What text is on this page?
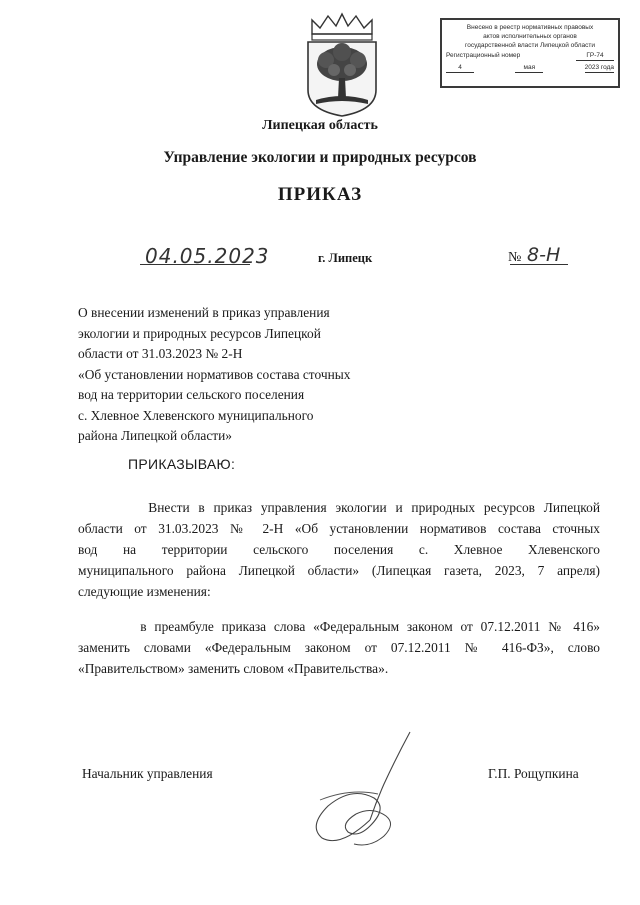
Внесено в реестр нормативных правовых
актов исполнительных органов
государственной власти Липецкой области
Регистрационный номер	ГР-74
4	мая	2023 года
Липецкая область
Управление экологии и природных ресурсов
ПРИКАЗ
04.05.2023	г. Липецк	№ 8-Н
О внесении изменений в приказ управления
экологии и природных ресурсов Липецкой
области от 31.03.2023 № 2-Н
«Об установлении нормативов состава сточных
вод на территории сельского поселения
с. Хлевное Хлевенского муниципального
района Липецкой области»
ПРИКАЗЫВАЮ:
Внести в приказ управления экологии и природных ресурсов Липецкой
области от 31.03.2023 № 2-Н «Об установлении нормативов состава сточных
вод на территории сельского поселения с. Хлевное Хлевенского
муниципального района Липецкой области» (Липецкая газета, 2023, 7 апреля)
следующие изменения:
в преамбуле приказа слова «Федеральным законом от 07.12.2011 № 416»
заменить словами «Федеральным законом от 07.12.2011 № 416-ФЗ», слово
«Правительством» заменить словом «Правительства».
Начальник управления	Г.П. Рощупкина
